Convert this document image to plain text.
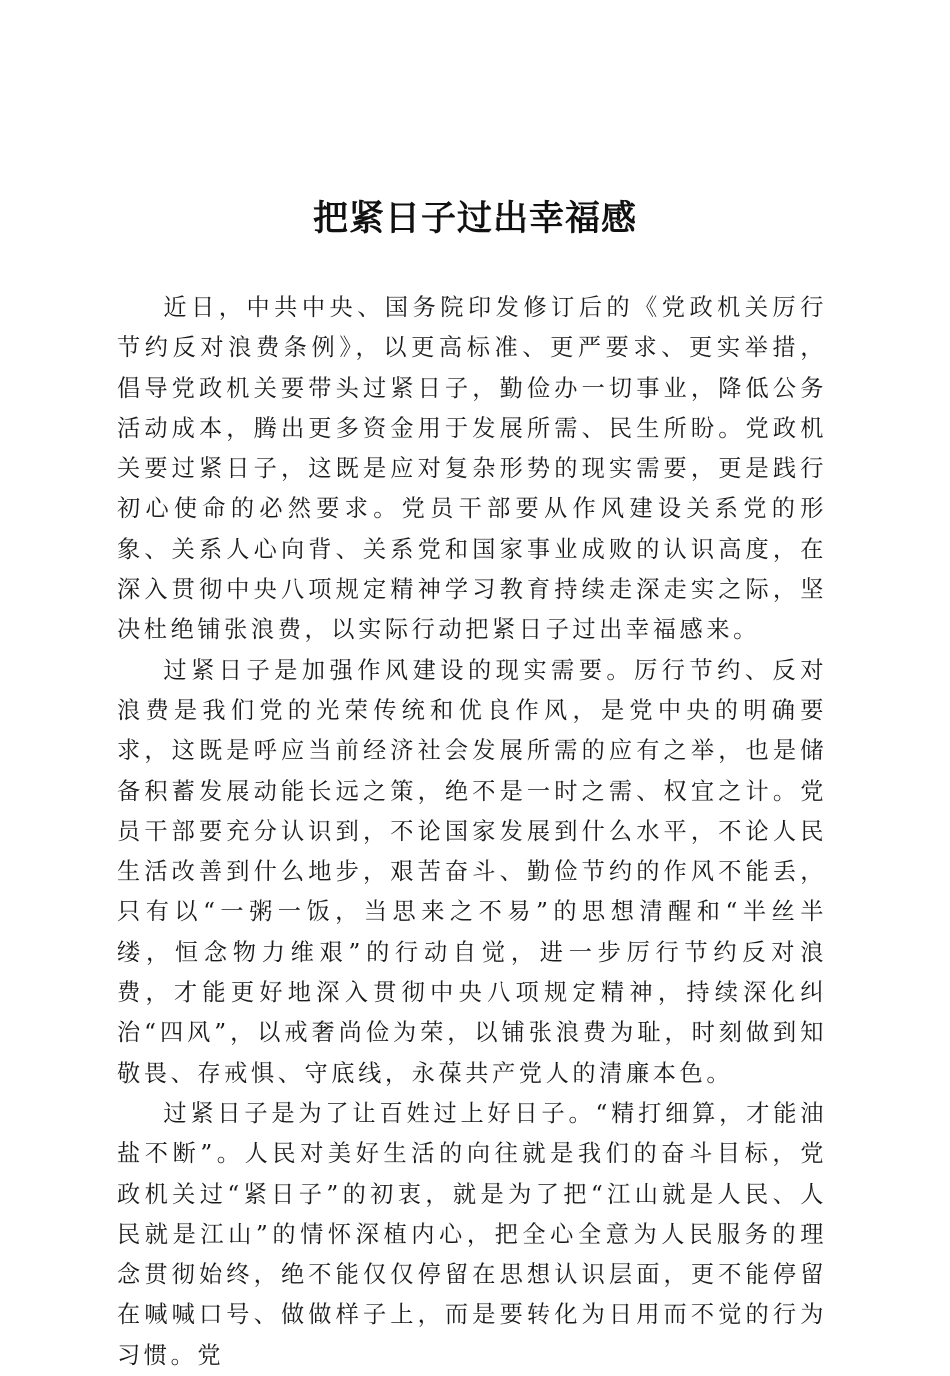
把紧日子过出幸福感

近日，中共中央、国务院印发修订后的《党政机关厉行节约反对浪费条例》，以更高标准、更严要求、更实举措，倡导党政机关要带头过紧日子，勤俭办一切事业，降低公务活动成本，腾出更多资金用于发展所需、民生所盼。党政机关要过紧日子，这既是应对复杂形势的现实需要，更是践行初心使命的必然要求。党员干部要从作风建设关系党的形象、关系人心向背、关系党和国家事业成败的认识高度，在深入贯彻中央八项规定精神学习教育持续走深走实之际，坚决杜绝铺张浪费，以实际行动把紧日子过出幸福感来。

过紧日子是加强作风建设的现实需要。厉行节约、反对浪费是我们党的光荣传统和优良作风，是党中央的明确要求，这既是呼应当前经济社会发展所需的应有之举，也是储备积蓄发展动能长远之策，绝不是一时之需、权宜之计。党员干部要充分认识到，不论国家发展到什么水平，不论人民生活改善到什么地步，艰苦奋斗、勤俭节约的作风不能丢，只有以“一粥一饭，当思来之不易”的思想清醒和“半丝半缕，恒念物力维艰”的行动自觉，进一步厉行节约反对浪费，才能更好地深入贯彻中央八项规定精神，持续深化纠治“四风”，以戒奢尚俭为荣，以铺张浪费为耻，时刻做到知敬畏、存戒惧、守底线，永葆共产党人的清廉本色。

过紧日子是为了让百姓过上好日子。“精打细算，才能油盐不断”。人民对美好生活的向往就是我们的奋斗目标，党政机关过“紧日子”的初衷，就是为了把“江山就是人民、人民就是江山”的情怀深植内心，把全心全意为人民服务的理念贯彻始终，绝不能仅仅停留在思想认识层面，更不能停留在喊喊口号、做做样子上，而是要转化为日用而不觉的行为习惯。党
